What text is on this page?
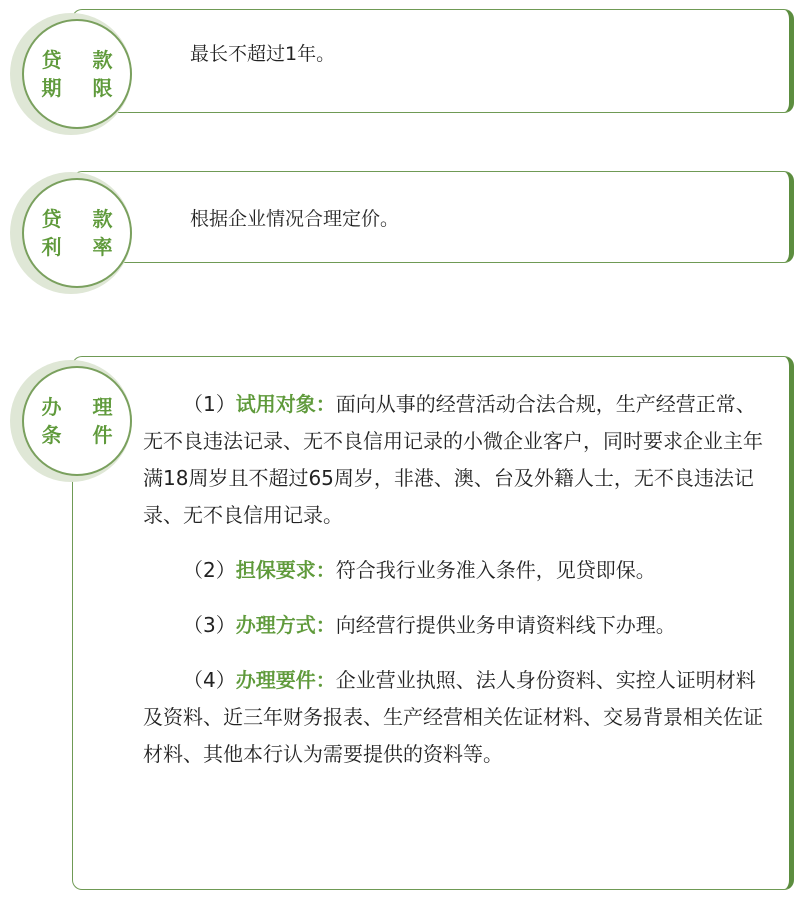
贷 款
期 限
最长不超过1年。
贷 款
利 率
根据企业情况合理定价。
办 理
条 件

（1）试用对象：面向从事的经营活动合法合规，生产经营正常、无不良违法记录、无不良信用记录的小微企业客户，同时要求企业主年满18周岁且不超过65周岁，非港、澳、台及外籍人士，无不良违法记录、无不良信用记录。

（2）担保要求：符合我行业务准入条件，见贷即保。

（3）办理方式：向经营行提供业务申请资料线下办理。

（4）办理要件：企业营业执照、法人身份资料、实控人证明材料及资料、近三年财务报表、生产经营相关佐证材料、交易背景相关佐证材料、其他本行认为需要提供的资料等。
